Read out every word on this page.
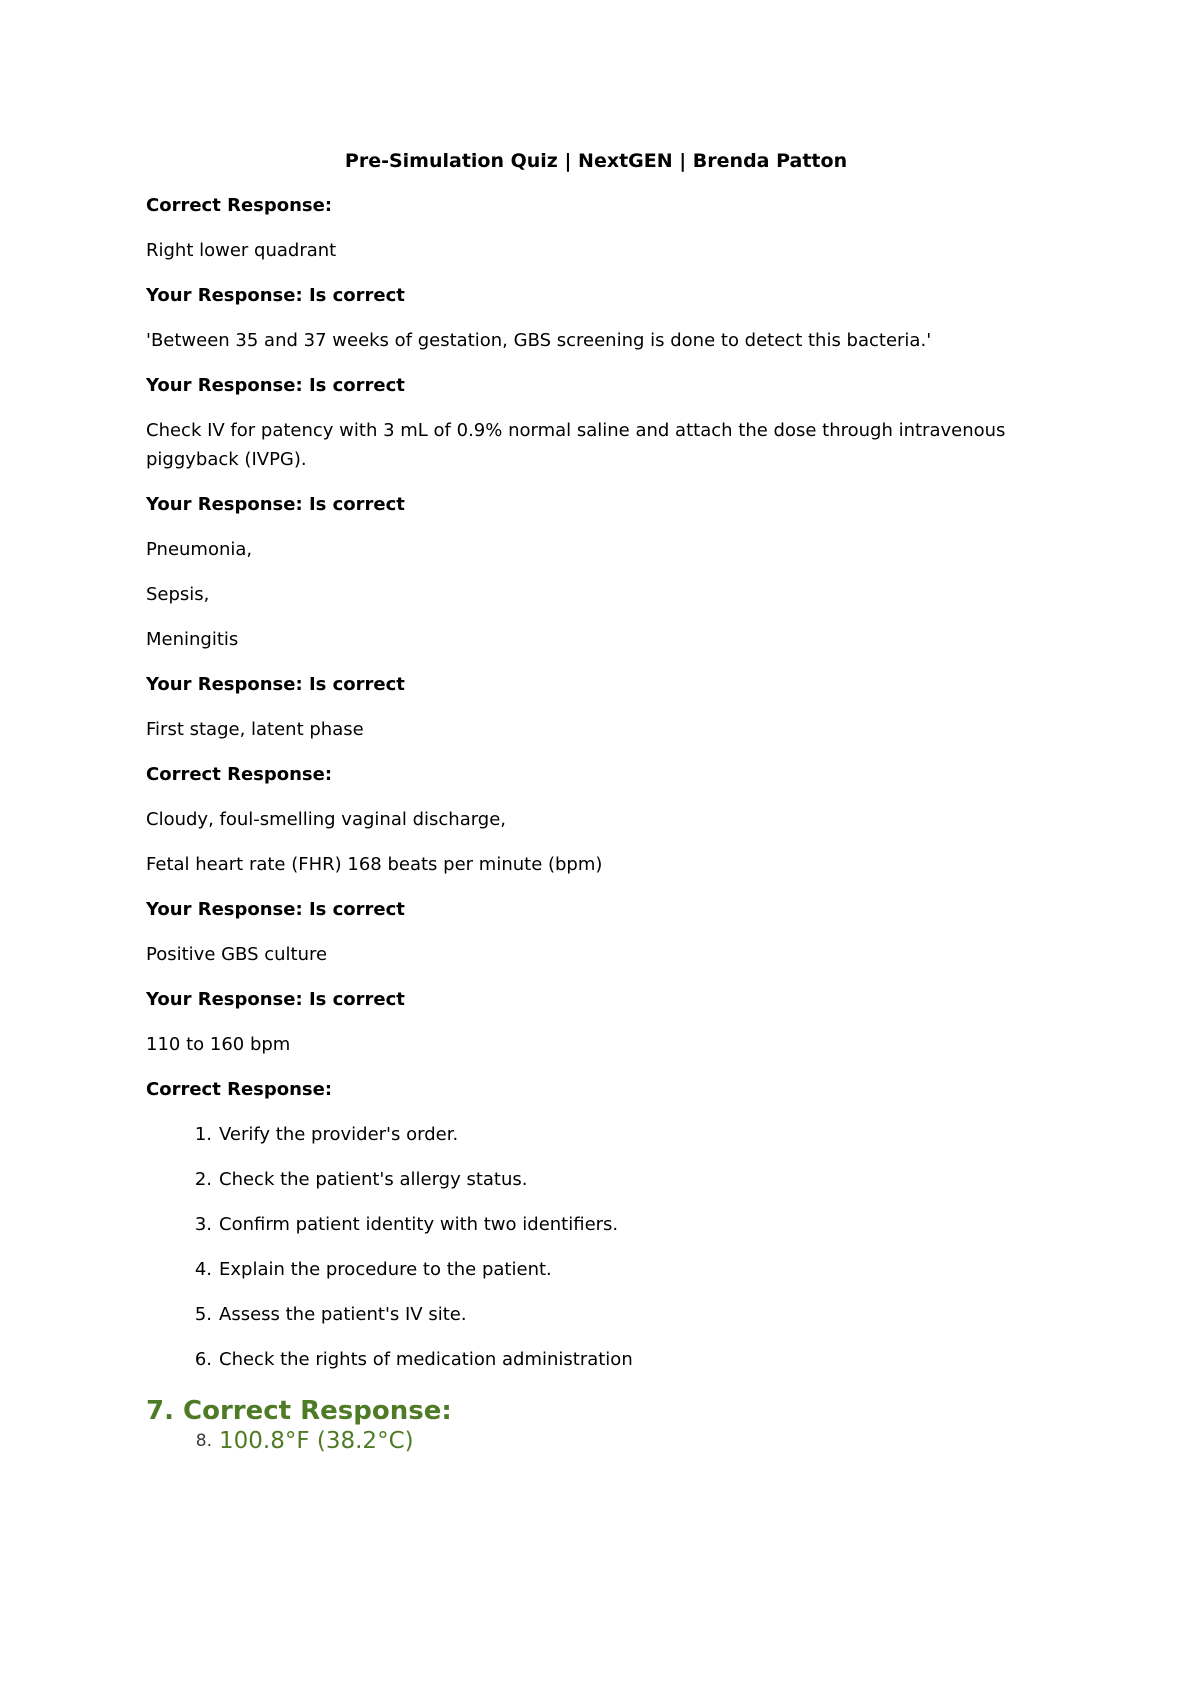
Pre-Simulation Quiz | NextGEN | Brenda Patton
Correct Response:
Right lower quadrant
Your Response: Is correct
'Between 35 and 37 weeks of gestation, GBS screening is done to detect this bacteria.'
Your Response: Is correct
Check IV for patency with 3 mL of 0.9% normal saline and attach the dose through intravenous piggyback (IVPG).
Your Response: Is correct
Pneumonia,
Sepsis,
Meningitis
Your Response: Is correct
First stage, latent phase
Correct Response:
Cloudy, foul-smelling vaginal discharge,
Fetal heart rate (FHR) 168 beats per minute (bpm)
Your Response: Is correct
Positive GBS culture
Your Response: Is correct
110 to 160 bpm
Correct Response:
1. Verify the provider's order.
2. Check the patient's allergy status.
3. Confirm patient identity with two identifiers.
4. Explain the procedure to the patient.
5. Assess the patient's IV site.
6. Check the rights of medication administration
7. Correct Response:
8. 100.8°F (38.2°C)
